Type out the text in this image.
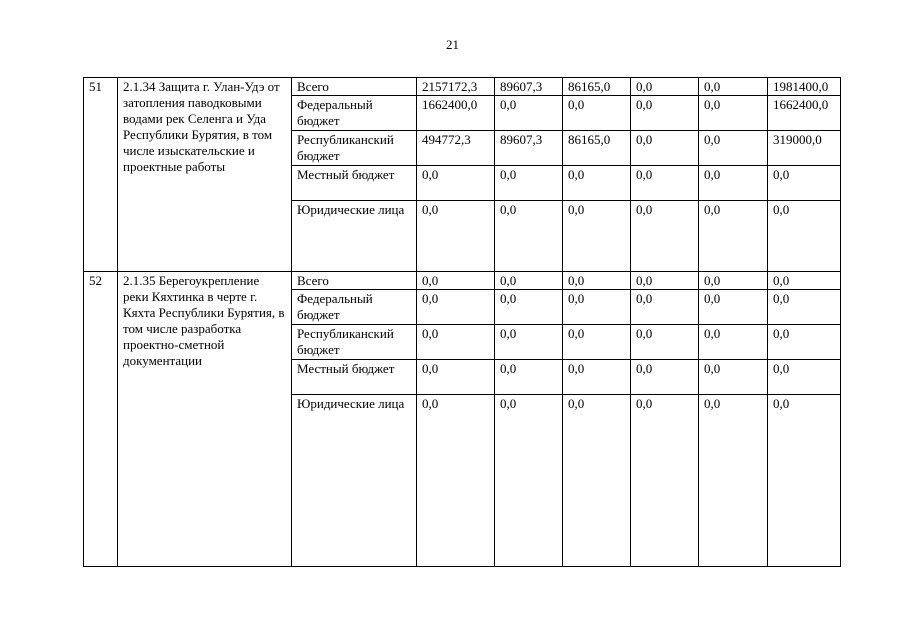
21
51	2.1.34 Защита г. Улан-Удэ от затопления паводковыми водами рек Селенга и Уда Республики Бурятия, в том числе изыскательские и проектные работы	Всего	2157172,3	89607,3	86165,0	0,0	0,0	1981400,0
		Федеральный бюджет	1662400,0	0,0	0,0	0,0	0,0	1662400,0
		Республиканский бюджет	494772,3	89607,3	86165,0	0,0	0,0	319000,0
		Местный бюджет	0,0	0,0	0,0	0,0	0,0	0,0
		Юридические лица	0,0	0,0	0,0	0,0	0,0	0,0

52	2.1.35 Берегоукрепление реки Кяхтинка в черте г. Кяхта Республики Бурятия, в том числе разработка проектно-сметной документации	Всего	0,0	0,0	0,0	0,0	0,0	0,0
		Федеральный бюджет	0,0	0,0	0,0	0,0	0,0	0,0
		Республиканский бюджет	0,0	0,0	0,0	0,0	0,0	0,0
		Местный бюджет	0,0	0,0	0,0	0,0	0,0	0,0
		Юридические лица	0,0	0,0	0,0	0,0	0,0	0,0
